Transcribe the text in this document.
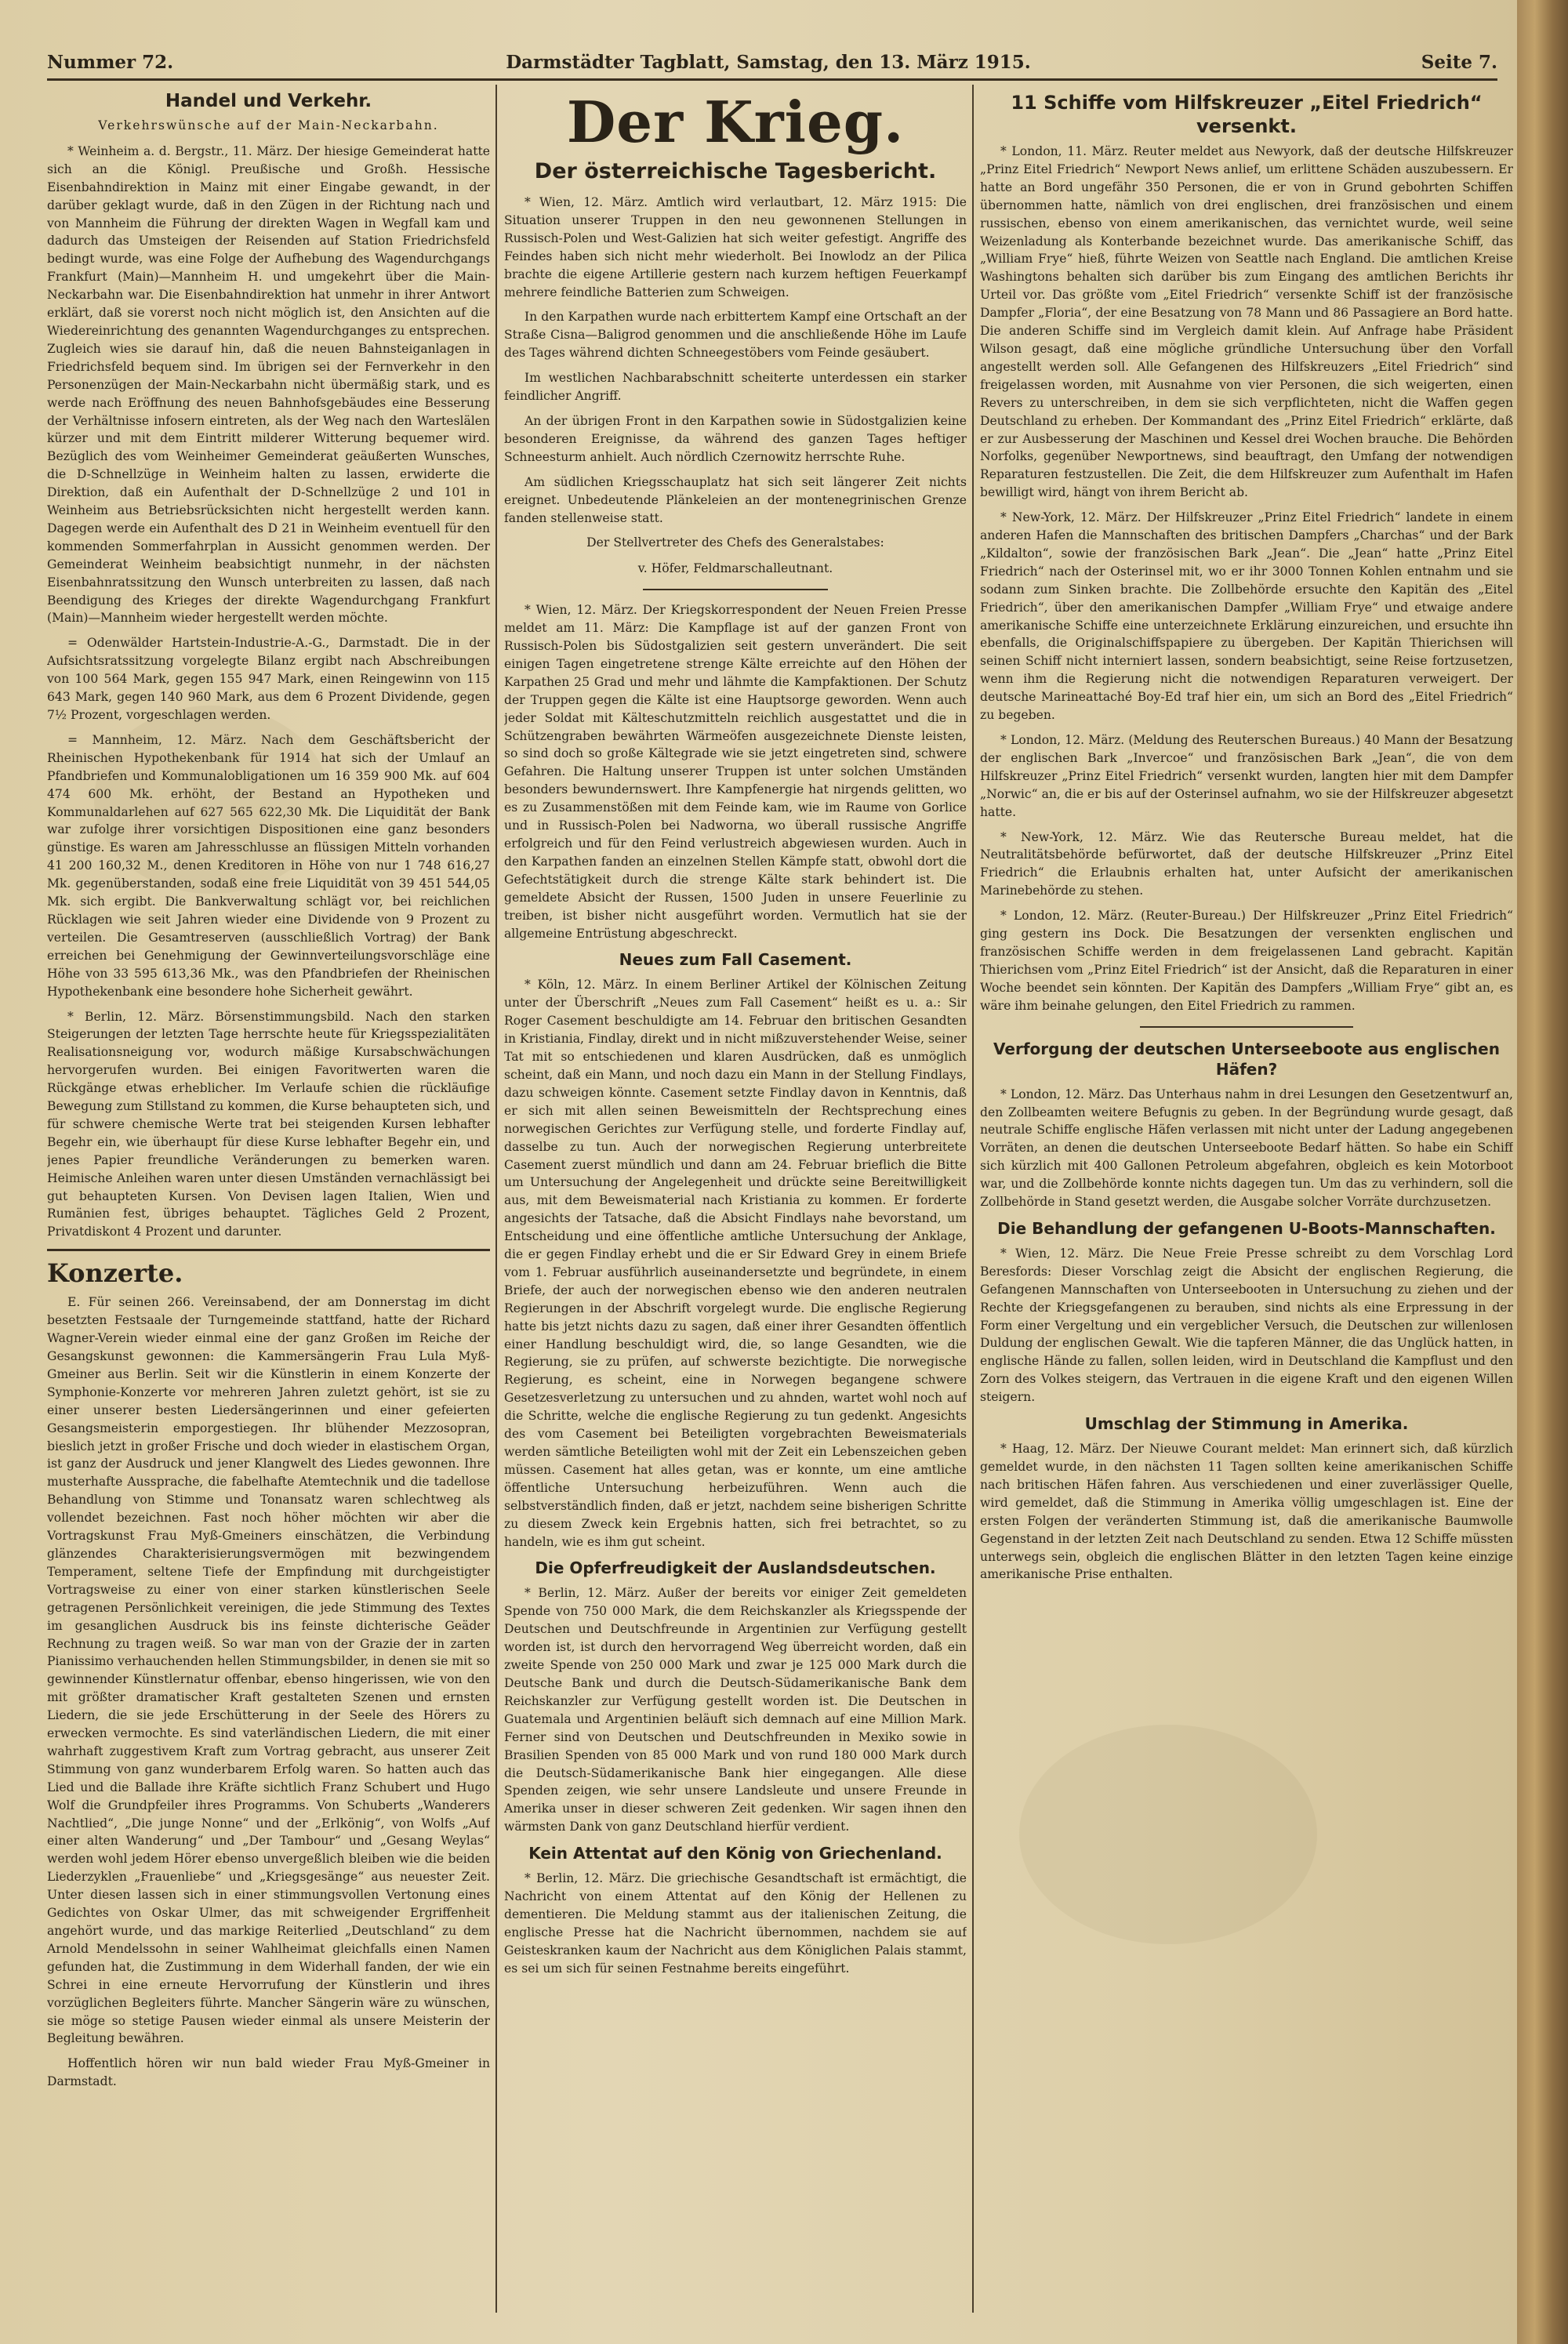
Nummer 72.	Darmstädter Tagblatt, Samstag, den 13. März 1915.	Seite 7.
Handel und Verkehr.
Verkehrswünsche auf der Main-Neckarbahn.

* Weinheim a. d. Bergstr., 11. März. Der hiesige Gemeinderat hatte sich an die Königl. Preußische und Großh. Hessische Eisenbahndirektion in Mainz mit einer Eingabe gewandt, in der darüber geklagt wurde, daß in den Zügen in der Richtung nach und von Mannheim die Führung der direkten Wagen in Wegfall kam und dadurch das Umsteigen der Reisenden auf Station Friedrichsfeld bedingt wurde, was eine Folge der Aufhebung des Wagendurchgangs Frankfurt (Main)—Mannheim H. und umgekehrt über die Main-Neckarbahn war. Die Eisenbahndirektion hat unmehr in ihrer Antwort erklärt, daß sie vorerst noch nicht möglich ist, den Ansichten auf die Wiedereinrichtung des genannten Wagendurchganges zu entsprechen. Zugleich wies sie darauf hin, daß die neuen Bahnsteiganlagen in Friedrichsfeld bequem sind. Im übrigen sei der Fernverkehr in den Personenzügen der Main-Neckarbahn nicht übermäßig stark, und es werde nach Eröffnung des neuen Bahnhofsgebäudes eine Besserung der Verhältnisse infosern eintreten, als der Weg nach den Warteslälen kürzer und mit dem Eintritt milderer Witterung bequemer wird. Bezüglich des vom Weinheimer Gemeinderat geäußerten Wunsches, die D-Schnellzüge in Weinheim halten zu lassen, erwiderte die Direktion, daß ein Aufenthalt der D-Schnellzüge 2 und 101 in Weinheim aus Betriebsrücksichten nicht hergestellt werden kann. Dagegen werde ein Aufenthalt des D 21 in Weinheim eventuell für den kommenden Sommerfahrplan in Aussicht genommen werden. Der Gemeinderat Weinheim beabsichtigt nunmehr, in der nächsten Eisenbahnratssitzung den Wunsch unterbreiten zu lassen, daß nach Beendigung des Krieges der direkte Wagendurchgang Frankfurt (Main)—Mannheim wieder hergestellt werden möchte.

= Odenwälder Hartstein-Industrie-A.-G., Darmstadt. Die in der Aufsichtsratssitzung vorgelegte Bilanz ergibt nach Abschreibungen von 100 564 Mark, gegen 155 947 Mark, einen Reingewinn von 115 643 Mark, gegen 140 960 Mark, aus dem 6 Prozent Dividende, gegen 7½ Prozent, vorgeschlagen werden.

= Mannheim, 12. März. Nach dem Geschäftsbericht der Rheinischen Hypothekenbank für 1914 hat sich der Umlauf an Pfandbriefen und Kommunalobligationen um 16 359 900 Mk. auf 604 474 600 Mk. erhöht, der Bestand an Hypotheken und Kommunaldarlehen auf 627 565 622,30 Mk. Die Liquidität der Bank war zufolge ihrer vorsichtigen Dispositionen eine ganz besonders günstige. Es waren am Jahresschlusse an flüssigen Mitteln vorhanden 41 200 160,32 M., denen Kreditoren in Höhe von nur 1 748 616,27 Mk. gegenüberstanden, sodaß eine freie Liquidität von 39 451 544,05 Mk. sich ergibt. Die Bankverwaltung schlägt vor, bei reichlichen Rücklagen wie seit Jahren wieder eine Dividende von 9 Prozent zu verteilen. Die Gesamtreserven (ausschließlich Vortrag) der Bank erreichen bei Genehmigung der Gewinnverteilungsvorschläge eine Höhe von 33 595 613,36 Mk., was den Pfandbriefen der Rheinischen Hypothekenbank eine besondere hohe Sicherheit gewährt.

* Berlin, 12. März. Börsenstimmungsbild. Nach den starken Steigerungen der letzten Tage herrschte heute für Kriegsspezialitäten Realisationsneigung vor, wodurch mäßige Kursabschwächungen hervorgerufen wurden. Bei einigen Favoritwerten waren die Rückgänge etwas erheblicher. Im Verlaufe schien die rückläufige Bewegung zum Stillstand zu kommen, die Kurse behaupteten sich, und für schwere chemische Werte trat bei steigenden Kursen lebhafter Begehr ein, wie überhaupt für diese Kurse lebhafter Begehr ein, und jenes Papier freundliche Veränderungen zu bemerken waren. Heimische Anleihen waren unter diesen Umständen vernachlässigt bei gut behaupteten Kursen. Von Devisen lagen Italien, Wien und Rumänien fest, übriges behauptet. Tägliches Geld 2 Prozent, Privatdiskont 4 Prozent und darunter.

Konzerte.

E. Für seinen 266. Vereinsabend, der am Donnerstag im dicht besetzten Festsaale der Turngemeinde stattfand, hatte der Richard Wagner-Verein wieder einmal eine der ganz Großen im Reiche der Gesangskunst gewonnen: die Kammersängerin Frau Lula Myß-Gmeiner aus Berlin. Seit wir die Künstlerin in einem Konzerte der Symphonie-Konzerte vor mehreren Jahren zuletzt gehört, ist sie zu einer unserer besten Liedersängerinnen und einer gefeierten Gesangsmeisterin emporgestiegen. Ihr blühender Mezzosopran, bieslich jetzt in großer Frische und doch wieder in elastischem Organ, ist ganz der Ausdruck und jener Klangwelt des Liedes gewonnen. Ihre musterhafte Aussprache, die fabelhafte Atemtechnik und die tadellose Behandlung von Stimme und Tonansatz waren schlechtweg als vollendet bezeichnen. Fast noch höher möchten wir aber die Vortragskunst Frau Myß-Gmeiners einschätzen, die Verbindung glänzendes Charakterisierungsvermögen mit bezwingendem Temperament, seltene Tiefe der Empfindung mit durchgeistigter Vortragsweise zu einer von einer starken künstlerischen Seele getragenen Persönlichkeit vereinigen, die jede Stimmung des Textes im gesanglichen Ausdruck bis ins feinste dichterische Geäder Rechnung zu tragen weiß. So war man von der Grazie der in zarten Pianissimo verhauchenden hellen Stimmungsbilder, in denen sie mit so gewinnender Künstlernatur offenbar, ebenso hingerissen, wie von den mit größter dramatischer Kraft gestalteten Szenen und ernsten Liedern, die sie jede Erschütterung in der Seele des Hörers zu erwecken vermochte. Es sind vaterländischen Liedern, die mit einer wahrhaft zuggestivem Kraft zum Vortrag gebracht, aus unserer Zeit Stimmung von ganz wunderbarem Erfolg waren. So hatten auch das Lied und die Ballade ihre Kräfte sichtlich Franz Schubert und Hugo Wolf die Grundpfeiler ihres Programms. Von Schuberts „Wanderers Nachtlied“, „Die junge Nonne“ und der „Erlkönig“, von Wolfs „Auf einer alten Wanderung“ und „Der Tambour“ und „Gesang Weylas“ werden wohl jedem Hörer ebenso unvergeßlich bleiben wie die beiden Liederzyklen „Frauenliebe“ und „Kriegsgesänge“ aus neuester Zeit. Unter diesen lassen sich in einer stimmungsvollen Vertonung eines Gedichtes von Oskar Ulmer, das mit schweigender Ergriffenheit angehört wurde, und das markige Reiterlied „Deutschland“ zu dem Arnold Mendelssohn in seiner Wahlheimat gleichfalls einen Namen gefunden hat, die Zustimmung in dem Widerhall fanden, der wie ein Schrei in eine erneute Hervorrufung der Künstlerin und ihres vorzüglichen Begleiters führte. Mancher Sängerin wäre zu wünschen, sie möge so stetige Pausen wieder einmal als unsere Meisterin der Begleitung bewähren.

Hoffentlich hören wir nun bald wieder Frau Myß-Gmeiner in Darmstadt.

Der Krieg.
Der österreichische Tagesbericht.

* Wien, 12. März. Amtlich wird verlautbart, 12. März 1915: Die Situation unserer Truppen in den neu gewonnenen Stellungen in Russisch-Polen und West-Galizien hat sich weiter gefestigt. Angriffe des Feindes haben sich nicht mehr wiederholt. Bei Inowlodz an der Pilica brachte die eigene Artillerie gestern nach kurzem heftigen Feuerkampf mehrere feindliche Batterien zum Schweigen.

In den Karpathen wurde nach erbittertem Kampf eine Ortschaft an der Straße Cisna—Baligrod genommen und die anschließende Höhe im Laufe des Tages während dichten Schneegestöbers vom Feinde gesäubert.

Im westlichen Nachbarabschnitt scheiterte unterdessen ein starker feindlicher Angriff.

An der übrigen Front in den Karpathen sowie in Südostgalizien keine besonderen Ereignisse, da während des ganzen Tages heftiger Schneesturm anhielt. Auch nördlich Czernowitz herrschte Ruhe.

Am südlichen Kriegsschauplatz hat sich seit längerer Zeit nichts ereignet. Unbedeutende Plänkeleien an der montenegrinischen Grenze fanden stellenweise statt.

Der Stellvertreter des Chefs des Generalstabes:
v. Höfer, Feldmarschalleutnant.

* Wien, 12. März. Der Kriegskorrespondent der Neuen Freien Presse meldet am 11. März: Die Kampflage ist auf der ganzen Front von Russisch-Polen bis Südostgalizien seit gestern unverändert. Die seit einigen Tagen eingetretene strenge Kälte erreichte auf den Höhen der Karpathen 25 Grad und mehr und lähmte die Kampfaktionen. Der Schutz der Truppen gegen die Kälte ist eine Hauptsorge geworden. Wenn auch jeder Soldat mit Kälteschutzmitteln reichlich ausgestattet und die in Schützengraben bewährten Wärmeöfen ausgezeichnete Dienste leisten, so sind doch so große Kältegrade wie sie jetzt eingetreten sind, schwere Gefahren. Die Haltung unserer Truppen ist unter solchen Umständen besonders bewundernswert. Ihre Kampfenergie hat nirgends gelitten, wo es zu Zusammenstößen mit dem Feinde kam, wie im Raume von Gorlice und in Russisch-Polen bei Nadworna, wo überall russische Angriffe erfolgreich und für den Feind verlustreich abgewiesen wurden. Auch in den Karpathen fanden an einzelnen Stellen Kämpfe statt, obwohl dort die Gefechtstätigkeit durch die strenge Kälte stark behindert ist. Die gemeldete Absicht der Russen, 1500 Juden in unsere Feuerlinie zu treiben, ist bisher nicht ausgeführt worden. Vermutlich hat sie der allgemeine Entrüstung abgeschreckt.

Neues zum Fall Casement.

* Köln, 12. März. In einem Berliner Artikel der Kölnischen Zeitung unter der Überschrift „Neues zum Fall Casement“ heißt es u. a.: Sir Roger Casement beschuldigte am 14. Februar den britischen Gesandten in Kristiania, Findlay, direkt und in nicht mißzuverstehender Weise, seiner Tat mit so entschiedenen und klaren Ausdrücken, daß es unmöglich scheint, daß ein Mann, und noch dazu ein Mann in der Stellung Findlays, dazu schweigen könnte. Casement setzte Findlay davon in Kenntnis, daß er sich mit allen seinen Beweismitteln der Rechtsprechung eines norwegischen Gerichtes zur Verfügung stelle, und forderte Findlay auf, dasselbe zu tun. Auch der norwegischen Regierung unterbreitete Casement zuerst mündlich und dann am 24. Februar brieflich die Bitte um Untersuchung der Angelegenheit und drückte seine Bereitwilligkeit aus, mit dem Beweismaterial nach Kristiania zu kommen. Er forderte angesichts der Tatsache, daß die Absicht Findlays nahe bevorstand, um Entscheidung und eine öffentliche amtliche Untersuchung der Anklage, die er gegen Findlay erhebt und die er Sir Edward Grey in einem Briefe vom 1. Februar ausführlich auseinandersetzte und begründete, in einem Briefe, der auch der norwegischen ebenso wie den anderen neutralen Regierungen in der Abschrift vorgelegt wurde. Die englische Regierung hatte bis jetzt nichts dazu zu sagen, daß einer ihrer Gesandten öffentlich einer Handlung beschuldigt wird, die, so lange Gesandten, wie die Regierung, sie zu prüfen, auf schwerste bezichtigte. Die norwegische Regierung, es scheint, eine in Norwegen begangene schwere Gesetzesverletzung zu untersuchen und zu ahnden, wartet wohl noch auf die Schritte, welche die englische Regierung zu tun gedenkt. Angesichts des vom Casement bei Beteiligten vorgebrachten Beweismaterials werden sämtliche Beteiligten wohl mit der Zeit ein Lebenszeichen geben müssen. Casement hat alles getan, was er konnte, um eine amtliche öffentliche Untersuchung herbeizuführen. Wenn auch die selbstverständlich finden, daß er jetzt, nachdem seine bisherigen Schritte zu diesem Zweck kein Ergebnis hatten, sich frei betrachtet, so zu handeln, wie es ihm gut scheint.

Die Opferfreudigkeit der Auslandsdeutschen.

* Berlin, 12. März. Außer der bereits vor einiger Zeit gemeldeten Spende von 750 000 Mark, die dem Reichskanzler als Kriegsspende der Deutschen und Deutschfreunde in Argentinien zur Verfügung gestellt worden ist, ist durch den hervorragend Weg überreicht worden, daß ein zweite Spende von 250 000 Mark und zwar je 125 000 Mark durch die Deutsche Bank und durch die Deutsch-Südamerikanische Bank dem Reichskanzler zur Verfügung gestellt worden ist. Die Deutschen in Guatemala und Argentinien beläuft sich demnach auf eine Million Mark. Ferner sind von Deutschen und Deutschfreunden in Mexiko sowie in Brasilien Spenden von 85 000 Mark und von rund 180 000 Mark durch die Deutsch-Südamerikanische Bank hier eingegangen. Alle diese Spenden zeigen, wie sehr unsere Landsleute und unsere Freunde in Amerika unser in dieser schweren Zeit gedenken. Wir sagen ihnen den wärmsten Dank von ganz Deutschland hierfür verdient.

Kein Attentat auf den König von Griechenland.

* Berlin, 12. März. Die griechische Gesandtschaft ist ermächtigt, die Nachricht von einem Attentat auf den König der Hellenen zu dementieren. Die Meldung stammt aus der italienischen Zeitung, die englische Presse hat die Nachricht übernommen, nachdem sie auf Geisteskranken kaum der Nachricht aus dem Königlichen Palais stammt, es sei um sich für seinen Festnahme bereits eingeführt.

11 Schiffe vom Hilfskreuzer „Eitel Friedrich“ versenkt.

* London, 11. März. Reuter meldet aus Newyork, daß der deutsche Hilfskreuzer „Prinz Eitel Friedrich“ Newport News anlief, um erlittene Schäden auszubessern. Er hatte an Bord ungefähr 350 Personen, die er von in Grund gebohrten Schiffen übernommen hatte, nämlich von drei englischen, drei französischen und einem russischen, ebenso von einem amerikanischen, das vernichtet wurde, weil seine Weizenladung als Konterbande bezeichnet wurde. Das amerikanische Schiff, das „William Frye“ hieß, führte Weizen von Seattle nach England. Die amtlichen Kreise Washingtons behalten sich darüber bis zum Eingang des amtlichen Berichts ihr Urteil vor. Das größte vom „Eitel Friedrich“ versenkte Schiff ist der französische Dampfer „Floria“, der eine Besatzung von 78 Mann und 86 Passagiere an Bord hatte. Die anderen Schiffe sind im Vergleich damit klein. Auf Anfrage habe Präsident Wilson gesagt, daß eine mögliche gründliche Untersuchung über den Vorfall angestellt werden soll. Alle Gefangenen des Hilfskreuzers „Eitel Friedrich“ sind freigelassen worden, mit Ausnahme von vier Personen, die sich weigerten, einen Revers zu unterschreiben, in dem sie sich verpflichteten, nicht die Waffen gegen Deutschland zu erheben. Der Kommandant des „Prinz Eitel Friedrich“ erklärte, daß er zur Ausbesserung der Maschinen und Kessel drei Wochen brauche. Die Behörden Norfolks, gegenüber Newportnews, sind beauftragt, den Umfang der notwendigen Reparaturen festzustellen. Die Zeit, die dem Hilfskreuzer zum Aufenthalt im Hafen bewilligt wird, hängt von ihrem Bericht ab.

* New-York, 12. März. Der Hilfskreuzer „Prinz Eitel Friedrich“ landete in einem anderen Hafen die Mannschaften des britischen Dampfers „Charchas“ und der Bark „Kildalton“, sowie der französischen Bark „Jean“. Die „Jean“ hatte „Prinz Eitel Friedrich“ nach der Osterinsel mit, wo er ihr 3000 Tonnen Kohlen entnahm und sie sodann zum Sinken brachte. Die Zollbehörde ersuchte den Kapitän des „Eitel Friedrich“, über den amerikanischen Dampfer „William Frye“ und etwaige andere amerikanische Schiffe eine unterzeichnete Erklärung einzureichen, und ersuchte ihn ebenfalls, die Originalschiffspapiere zu übergeben. Der Kapitän Thierichsen will seinen Schiff nicht interniert lassen, sondern beabsichtigt, seine Reise fortzusetzen, wenn ihm die Regierung nicht die notwendigen Reparaturen verweigert. Der deutsche Marineattaché Boy-Ed traf hier ein, um sich an Bord des „Eitel Friedrich“ zu begeben.

* London, 12. März. (Meldung des Reuterschen Bureaus.) 40 Mann der Besatzung der englischen Bark „Invercoe“ und französischen Bark „Jean“, die von dem Hilfskreuzer „Prinz Eitel Friedrich“ versenkt wurden, langten hier mit dem Dampfer „Norwic“ an, die er bis auf der Osterinsel aufnahm, wo sie der Hilfskreuzer abgesetzt hatte.

* New-York, 12. März. Wie das Reutersche Bureau meldet, hat die Neutralitätsbehörde befürwortet, daß der deutsche Hilfskreuzer „Prinz Eitel Friedrich“ die Erlaubnis erhalten hat, unter Aufsicht der amerikanischen Marinebehörde zu stehen.

* London, 12. März. (Reuter-Bureau.) Der Hilfskreuzer „Prinz Eitel Friedrich“ ging gestern ins Dock. Die Besatzungen der versenkten englischen und französischen Schiffe werden in dem freigelassenen Land gebracht. Kapitän Thierichsen vom „Prinz Eitel Friedrich“ ist der Ansicht, daß die Reparaturen in einer Woche beendet sein könnten. Der Kapitän des Dampfers „William Frye“ gibt an, es wäre ihm beinahe gelungen, den Eitel Friedrich zu rammen.

Verforgung der deutschen Unterseeboote aus englischen Häfen?

* London, 12. März. Das Unterhaus nahm in drei Lesungen den Gesetzentwurf an, den Zollbeamten weitere Befugnis zu geben. In der Begründung wurde gesagt, daß neutrale Schiffe englische Häfen verlassen mit nicht unter der Ladung angegebenen Vorräten, an denen die deutschen Unterseeboote Bedarf hätten. So habe ein Schiff sich kürzlich mit 400 Gallonen Petroleum abgefahren, obgleich es kein Motorboot war, und die Zollbehörde konnte nichts dagegen tun. Um das zu verhindern, soll die Zollbehörde in Stand gesetzt werden, die Ausgabe solcher Vorräte durchzusetzen.

Die Behandlung der gefangenen U-Boots-Mannschaften.

* Wien, 12. März. Die Neue Freie Presse schreibt zu dem Vorschlag Lord Beresfords: Dieser Vorschlag zeigt die Absicht der englischen Regierung, die Gefangenen Mannschaften von Unterseebooten in Untersuchung zu ziehen und der Rechte der Kriegsgefangenen zu berauben, sind nichts als eine Erpressung in der Form einer Vergeltung und ein vergeblicher Versuch, die Deutschen zur willenlosen Duldung der englischen Gewalt. Wie die tapferen Männer, die das Unglück hatten, in englische Hände zu fallen, sollen leiden, wird in Deutschland die Kampflust und den Zorn des Volkes steigern, das Vertrauen in die eigene Kraft und den eigenen Willen steigern.

Umschlag der Stimmung in Amerika.

* Haag, 12. März. Der Nieuwe Courant meldet: Man erinnert sich, daß kürzlich gemeldet wurde, in den nächsten 11 Tagen sollten keine amerikanischen Schiffe nach britischen Häfen fahren. Aus verschiedenen und einer zuverlässiger Quelle, wird gemeldet, daß die Stimmung in Amerika völlig umgeschlagen ist. Eine der ersten Folgen der veränderten Stimmung ist, daß die amerikanische Baumwolle Gegenstand in der letzten Zeit nach Deutschland zu senden. Etwa 12 Schiffe müssten unterwegs sein, obgleich die englischen Blätter in den letzten Tagen keine einzige amerikanische Prise enthalten.
